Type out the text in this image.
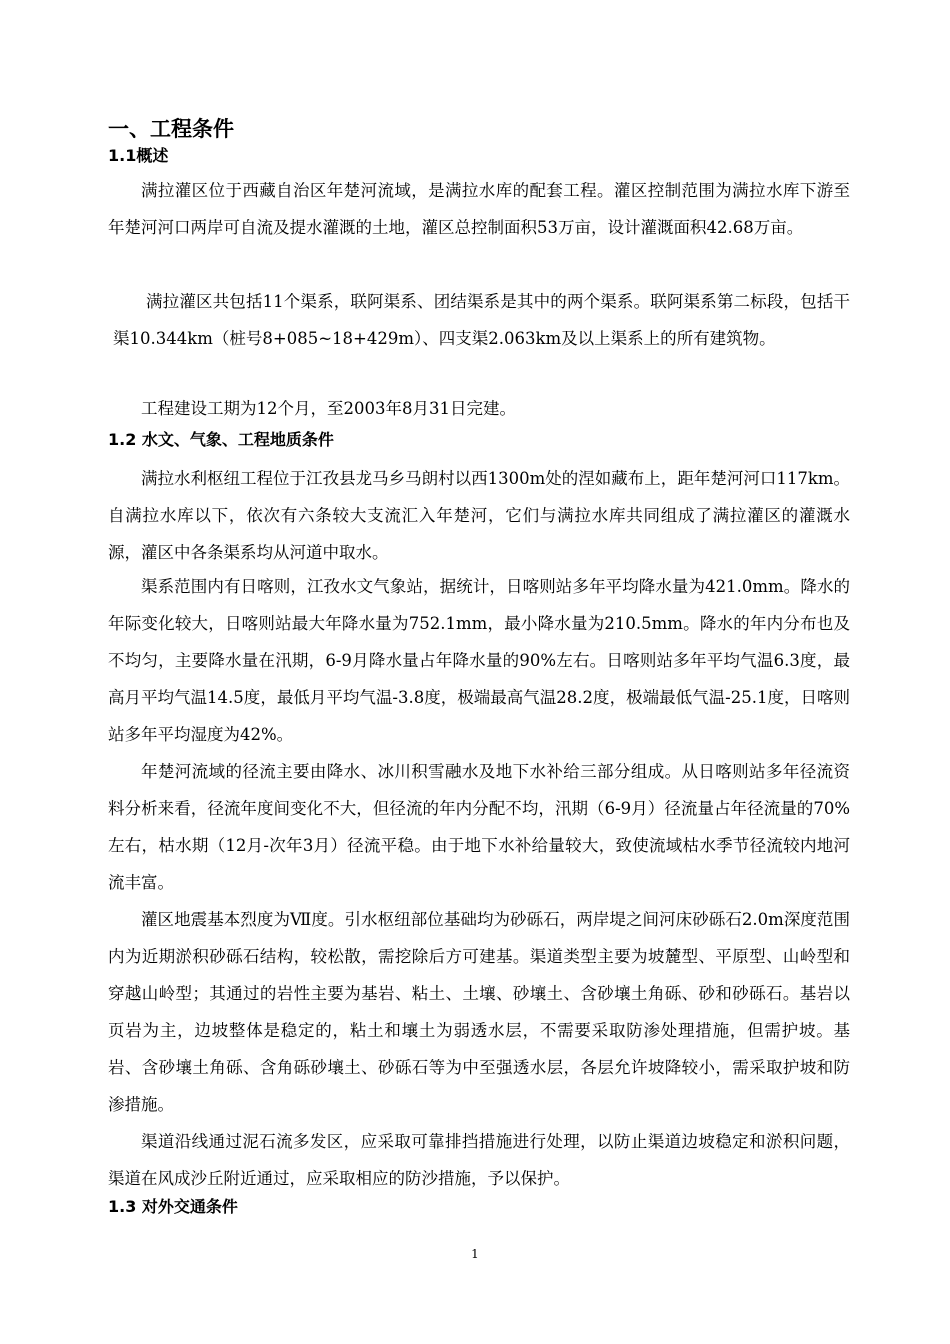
一、工程条件
1.1概述

满拉灌区位于西藏自治区年楚河流域，是满拉水库的配套工程。灌区控制范围为满拉水库下游至年楚河河口两岸可自流及提水灌溉的土地，灌区总控制面积53万亩，设计灌溉面积42.68万亩。

满拉灌区共包括11个渠系，联阿渠系、团结渠系是其中的两个渠系。联阿渠系第二标段，包括干渠10.344km（桩号8+085~18+429m）、四支渠2.063km及以上渠系上的所有建筑物。

工程建设工期为12个月，至2003年8月31日完建。

1.2 水文、气象、工程地质条件

满拉水利枢纽工程位于江孜县龙马乡马朗村以西1300m处的涅如藏布上，距年楚河河口117km。自满拉水库以下，依次有六条较大支流汇入年楚河，它们与满拉水库共同组成了满拉灌区的灌溉水源，灌区中各条渠系均从河道中取水。

渠系范围内有日喀则，江孜水文气象站，据统计，日喀则站多年平均降水量为421.0mm。降水的年际变化较大，日喀则站最大年降水量为752.1mm，最小降水量为210.5mm。降水的年内分布也及不均匀，主要降水量在汛期，6-9月降水量占年降水量的90%左右。日喀则站多年平均气温6.3度，最高月平均气温14.5度，最低月平均气温-3.8度，极端最高气温28.2度，极端最低气温-25.1度，日喀则站多年平均湿度为42%。

年楚河流域的径流主要由降水、冰川积雪融水及地下水补给三部分组成。从日喀则站多年径流资料分析来看，径流年度间变化不大，但径流的年内分配不均，汛期（6-9月）径流量占年径流量的70%左右，枯水期（12月-次年3月）径流平稳。由于地下水补给量较大，致使流域枯水季节径流较内地河流丰富。

灌区地震基本烈度为Ⅶ度。引水枢纽部位基础均为砂砾石，两岸堤之间河床砂砾石2.0m深度范围内为近期淤积砂砾石结构，较松散，需挖除后方可建基。渠道类型主要为坡麓型、平原型、山岭型和穿越山岭型；其通过的岩性主要为基岩、粘土、土壤、砂壤土、含砂壤土角砾、砂和砂砾石。基岩以页岩为主，边坡整体是稳定的，粘土和壤土为弱透水层，不需要采取防渗处理措施，但需护坡。基岩、含砂壤土角砾、含角砾砂壤土、砂砾石等为中至强透水层，各层允许坡降较小，需采取护坡和防渗措施。

渠道沿线通过泥石流多发区，应采取可靠排挡措施进行处理，以防止渠道边坡稳定和淤积问题，渠道在风成沙丘附近通过，应采取相应的防沙措施，予以保护。

1.3 对外交通条件
1
